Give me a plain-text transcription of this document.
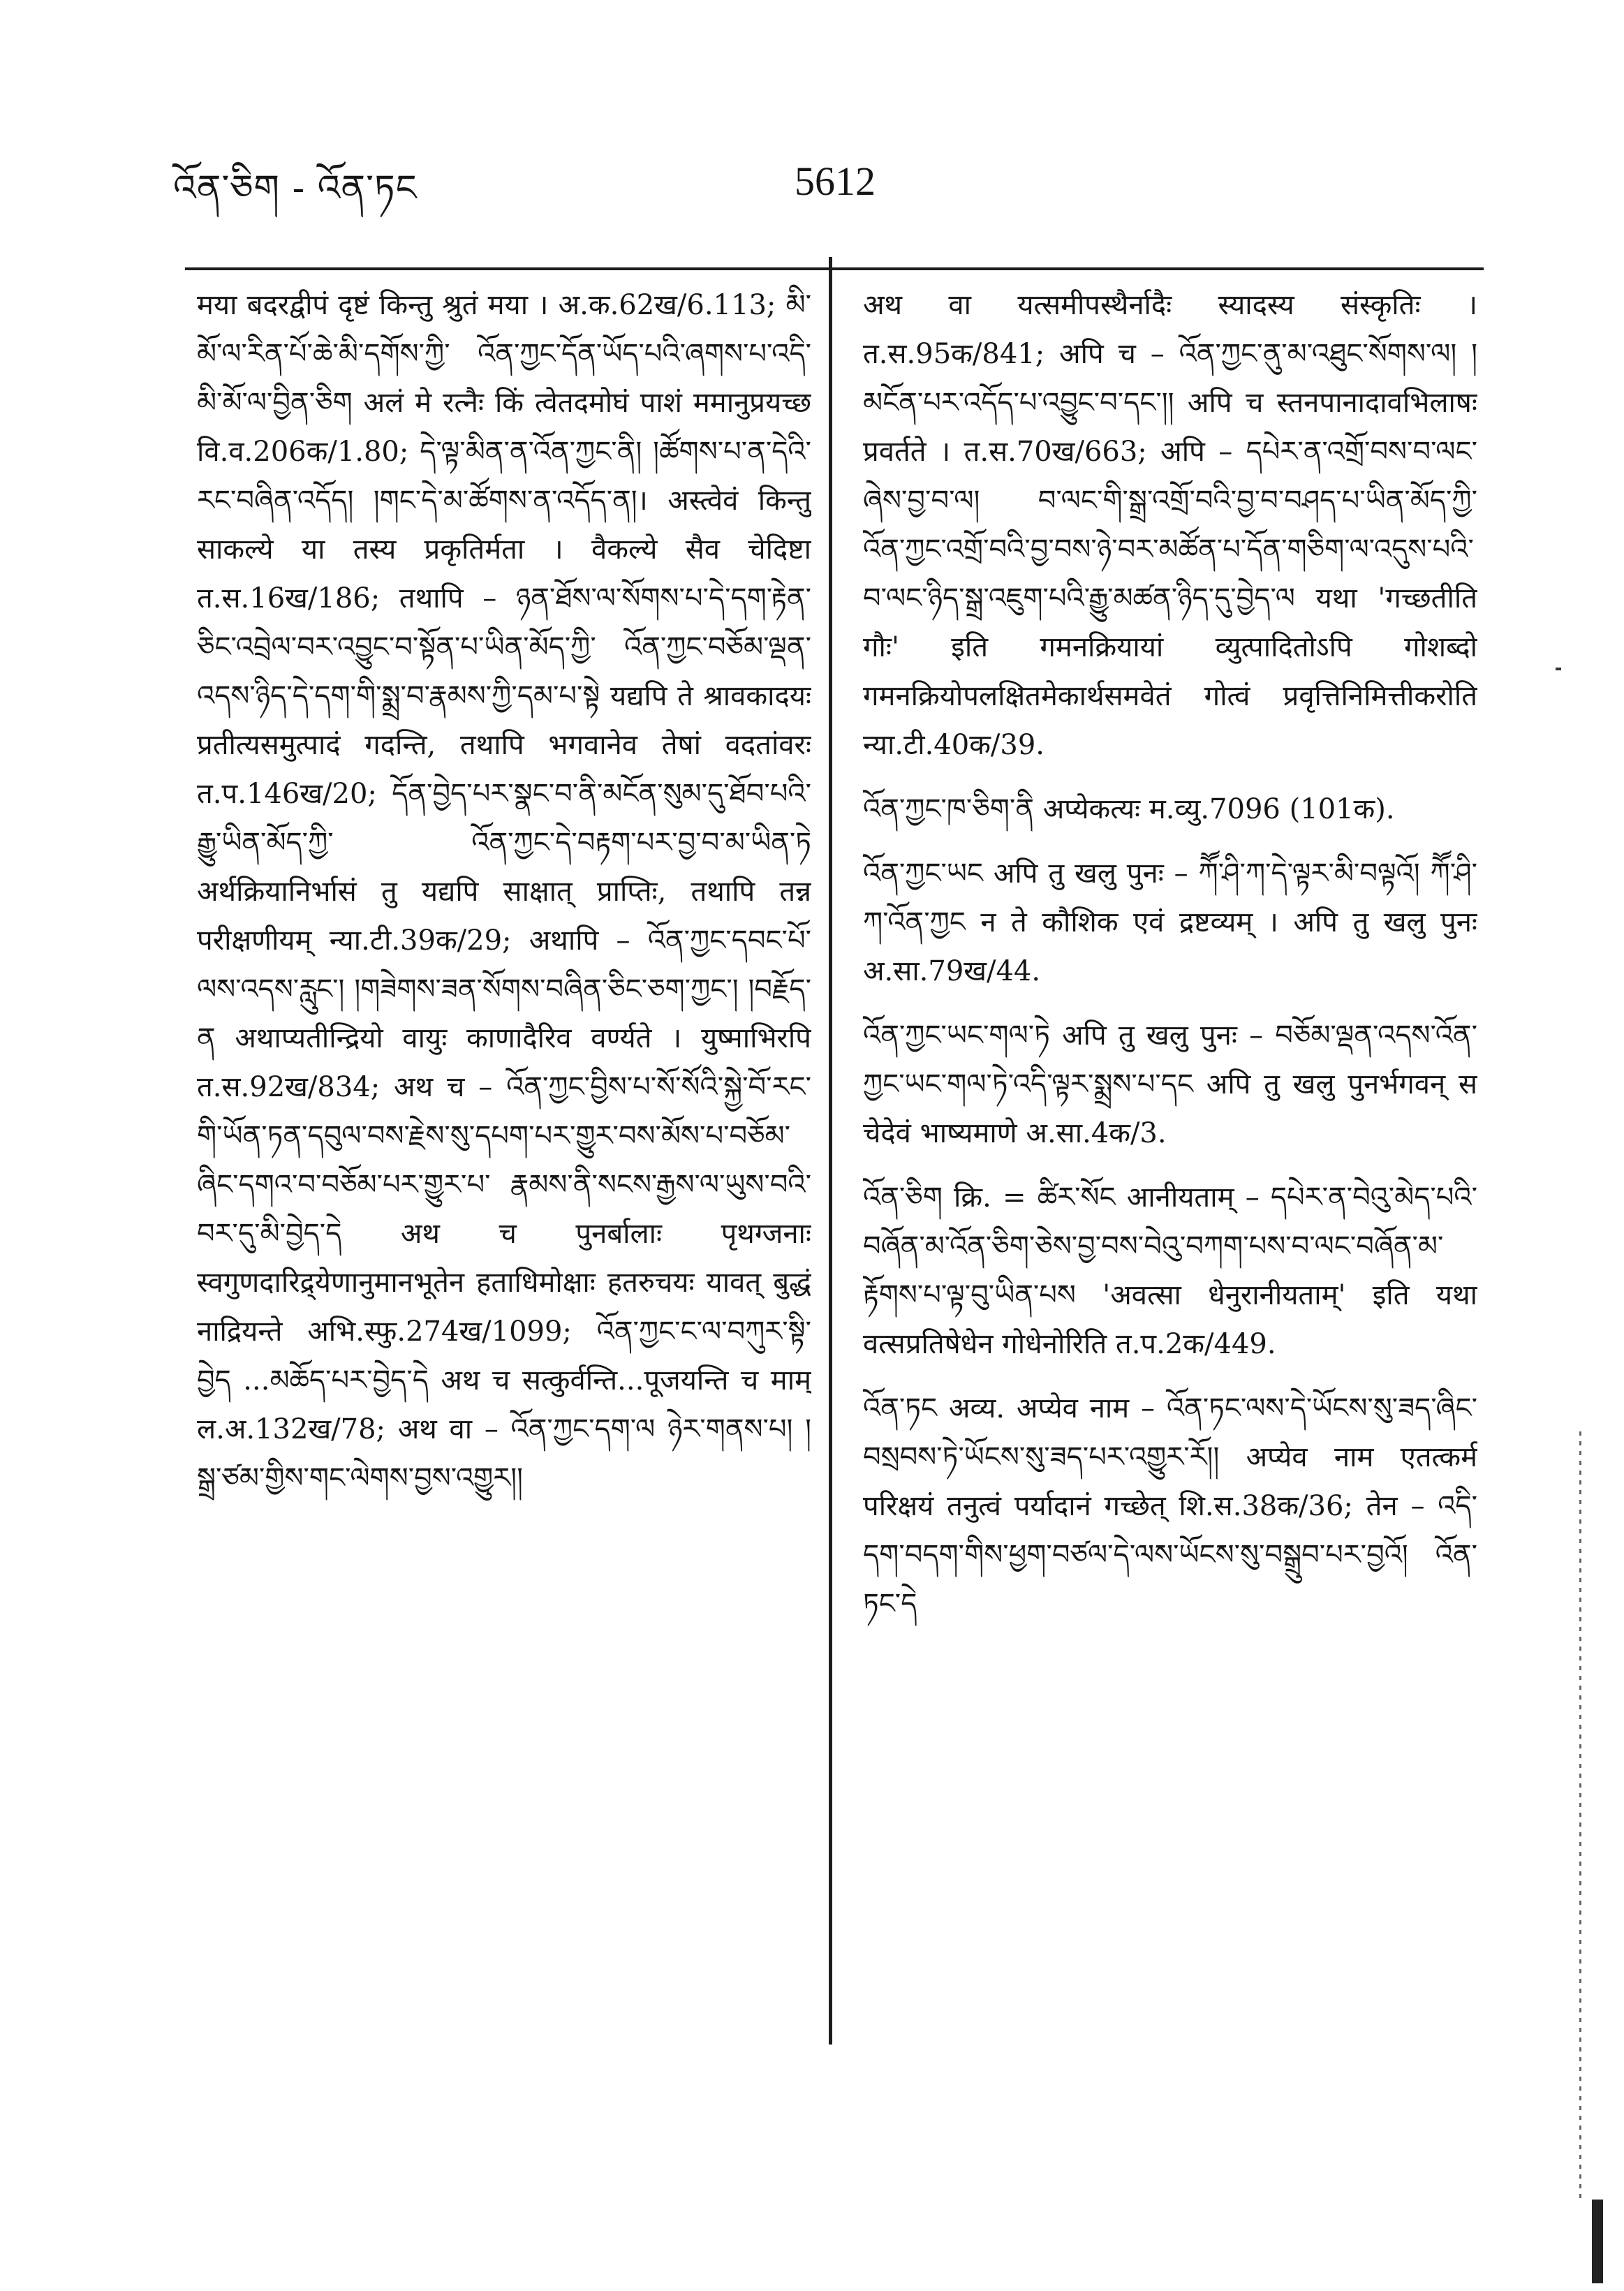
འོན་ཅིག - འོན་ཏང	5612

मया बदरद्वीपं दृष्टं किन्तु श्रुतं मया । अ.क.62ख/6.113; མི་མོ་ལ་རིན་པོ་ཆེ་མི་དགོས་ཀྱི་ འོན་ཀྱང་དོན་ཡོད་པའི་ཞགས་པ་འདི་མི་མོ་ལ་བྱིན་ཅིག अलं मे रत्नैः किं त्वेतदमोघं पाशं ममानुप्रयच्छ वि.व.206क/1.80; དེ་ལྟ་མིན་ན་འོན་ཀྱང་ནི། །ཚོགས་པ་ན་དེའི་རང་བཞིན་འདོད། །གང་དེ་མ་ཚོགས་ན་འདོད་ན།। अस्त्वेवं किन्तु साकल्ये या तस्य प्रकृतिर्मता । वैकल्ये सैव चेदिष्टा त.स.16ख/186; तथापि – ཉན་ཐོས་ལ་སོགས་པ་དེ་དག་རྟེན་ཅིང་འབྲེལ་བར་འབྱུང་བ་སྟོན་པ་ཡིན་མོད་ཀྱི་ འོན་ཀྱང་བཅོམ་ལྡན་འདས་ཉིད་དེ་དག་གི་སྨྲ་བ་རྣམས་ཀྱི་དམ་པ་སྟེ यद्यपि ते श्रावकादयः प्रतीत्यसमुत्पादं गदन्ति, तथापि भगवानेव तेषां वदतांवरः त.प.146ख/20; དོན་བྱེད་པར་སྣང་བ་ནི་མངོན་སུམ་དུ་ཐོབ་པའི་རྒྱུ་ཡིན་མོད་ཀྱི་ འོན་ཀྱང་དེ་བརྟག་པར་བྱ་བ་མ་ཡིན་ཏེ अर्थक्रियानिर्भासं तु यद्यपि साक्षात् प्राप्तिः, तथापि तन्न परीक्षणीयम् न्या.टी.39क/29; अथापि – འོན་ཀྱང་དབང་པོ་ལས་འདས་རླུང་། །གཟེགས་ཟན་སོགས་བཞིན་ཅིང་ཅག་ཀྱང་། །བརྗོད་ན अथाप्यतीन्द्रियो वायुः काणादैरिव वर्ण्यते । युष्माभिरपि त.स.92ख/834; अथ च – འོན་ཀྱང་བྱིས་པ་སོ་སོའི་སྐྱེ་བོ་རང་གི་ཡོན་ཏན་དབུལ་བས་རྗེས་སུ་དཔག་པར་གྱུར་བས་མོས་པ་བཅོམ་ཞིང་དགའ་བ་བཅོམ་པར་གྱུར་པ་ རྣམས་ནི་སངས་རྒྱས་ལ་ཡུས་བའི་བར་དུ་མི་བྱེད་དེ अथ च पुनर्बालाः पृथग्जनाः स्वगुणदारिद्र्येणानुमानभूतेन हताधिमोक्षाः हतरुचयः यावत् बुद्धं नाद्रियन्ते अभि.स्फु.274ख/1099; འོན་ཀྱང་ང་ལ་བཀུར་སྟི་བྱེད ...མཆོད་པར་བྱེད་དེ अथ च सत्कुर्वन्ति...पूजयन्ति च माम् ल.अ.132ख/78; अथ वा – འོན་ཀྱང་དག་ལ ཉེར་གནས་པ། །སྒྲ་ཙམ་གྱིས་གང་ལེགས་བྱས་འགྱུར།།

अथ वा यत्समीपस्थैर्नादैः स्यादस्य संस्कृतिः । त.स.95क/841; अपि च – འོན་ཀྱང་ནུ་མ་འཐུང་སོགས་ལ། །མངོན་པར་འདོད་པ་འབྱུང་བ་དང་།། अपि च स्तनपानादावभिलाषः प्रवर्तते । त.स.70ख/663; अपि – དཔེར་ན་འགྲོ་བས་བ་ལང་ཞེས་བྱ་བ་ལ། བ་ལང་གི་སྒྲ་འགྲོ་བའི་བྱ་བ་བཤད་པ་ཡིན་མོད་ཀྱི་ འོན་ཀྱང་འགྲོ་བའི་བྱ་བས་ཉེ་བར་མཚོན་པ་དོན་གཅིག་ལ་འདུས་པའི་བ་ལང་ཉིད་སྒྲ་འཇུག་པའི་རྒྱུ་མཚན་ཉིད་དུ་བྱེད་ལ यथा 'गच्छतीति गौः' इति गमनक्रियायां व्युत्पादितोऽपि गोशब्दो गमनक्रियोपलक्षितमेकार्थसमवेतं गोत्वं प्रवृत्तिनिमित्तीकरोति न्या.टी.40क/39.

འོན་ཀྱང་ཁ་ཅིག་ནི अप्येकत्यः म.व्यु.7096 (101क).

འོན་ཀྱང་ཡང अपि तु खलु पुनः – ཀཽ་ཤི་ཀ་དེ་ལྟར་མི་བལྟའོ། ཀཽ་ཤི་ཀ་འོན་ཀྱང न ते कौशिक एवं द्रष्टव्यम् । अपि तु खलु पुनः अ.सा.79ख/44.

འོན་ཀྱང་ཡང་གལ་ཏེ अपि तु खलु पुनः – བཅོམ་ལྡན་འདས་འོན་ཀྱང་ཡང་གལ་ཏེ་འདི་ལྟར་སྨྲས་པ་དང अपि तु खलु पुनर्भगवन् स चेदेवं भाष्यमाणे अ.सा.4क/3.

འོན་ཅིག क्रि. = ཚིར་སོང आनीयताम् – དཔེར་ན་བེའུ་མེད་པའི་བཞོན་མ་འོན་ཅིག་ཅེས་བྱ་བས་བེའུ་བཀག་པས་བ་ལང་བཞོན་མ་རྟོགས་པ་ལྟ་བུ་ཡིན་པས 'अवत्सा धेनुरानीयताम्' इति यथा वत्सप्रतिषेधेन गोधेनोरिति त.प.2क/449.

འོན་ཏང अव्य. अप्येव नाम – འོན་ཏང་ལས་དེ་ཡོངས་སུ་ཟད་ཞིང་བསྲབས་ཏེ་ཡོངས་སུ་ཟད་པར་འགྱུར་རོ།། अप्येव नाम एतत्कर्म परिक्षयं तनुत्वं पर्यादानं गच्छेत् शि.स.38क/36; तेन – འདི་དག་བདག་གིས་ཕྱག་བཙལ་དེ་ལས་ཡོངས་སུ་བསྒྲུབ་པར་བྱའོ། འོན་ཏང་དེ
